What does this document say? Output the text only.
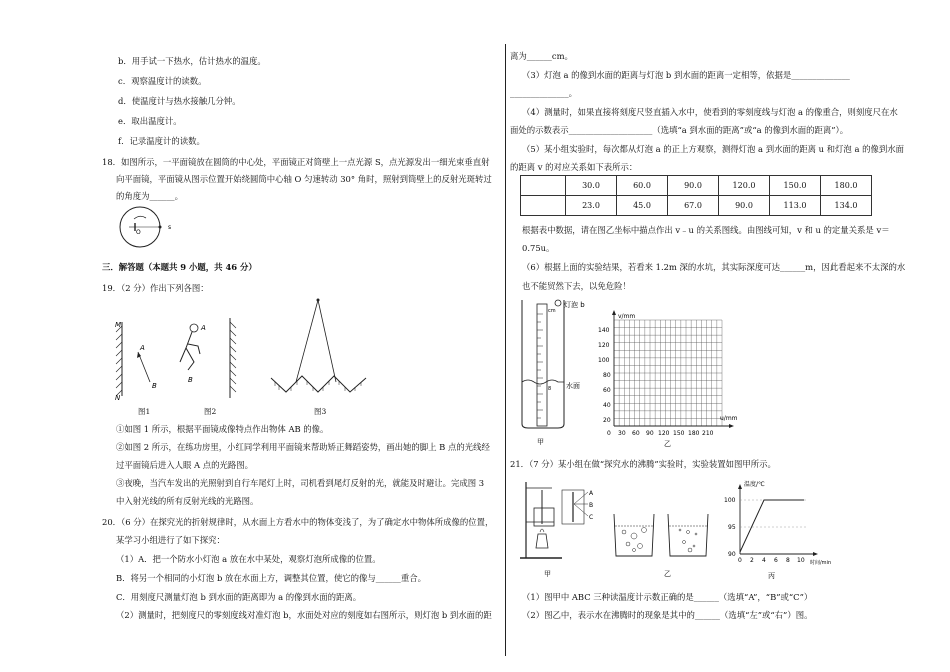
b．用手试一下热水，估计热水的温度。
c．观察温度计的读数。
d．使温度计与热水接触几分钟。
e．取出温度计。
f．记录温度计的读数。
18．如图所示，一平面镜放在圆筒的中心处，平面镜正对筒壁上一点光源 S，点光源发出一细光束垂直射
向平面镜，平面镜从图示位置开始绕圆筒中心轴 O 匀速转动 30° 角时，照射到筒壁上的反射光斑转过
的角度为______。
O
s
三．解答题（本题共 9 小题，共 46 分）
19．（2 分）作出下列各图：
M
N
A
B
A
B
图1	图2	图3
①如图 1 所示，根据平面镜成像特点作出物体 AB 的像。
②如图 2 所示，在练功房里，小红同学利用平面镜来帮助矫正舞蹈姿势，画出她的脚上 B 点的光线经
过平面镜后进入人眼 A 点的光路图。
③夜晚，当汽车发出的光照射到自行车尾灯上时，司机看到尾灯反射的光，就能及时避让。完成图 3
中入射光线的所有反射光线的光路图。
20．（6 分）在探究光的折射规律时，从水面上方看水中的物体变浅了，为了确定水中物体所成像的位置，
某学习小组进行了如下探究：
（1）A．把一个防水小灯泡 a 放在水中某处，观察灯泡所成像的位置。
B．将另一个相同的小灯泡 b 放在水面上方，调整其位置，使它的像与______重合。
C．用刻度尺测量灯泡 b 到水面的距离即为 a 的像到水面的距离。
（2）测量时，把刻度尺的零刻度线对准灯泡 b，水面处对应的刻度如右图所示，则灯泡 b 到水面的距
离为______cm。
（3）灯泡 a 的像到水面的距离与灯泡 b 到水面的距离一定相等，依据是______________
______________。
（4）测量时，如果直接将刻度尺竖直插入水中，使看到的零刻度线与灯泡 a 的像重合，则刻度尺在水
面处的示数表示____________________（选填“a 到水面的距离”或“a 的像到水面的距离”）。
（5）某小组实验时，每次都从灯泡 a 的正上方观察，测得灯泡 a 到水面的距离 u 和灯泡 a 的像到水面
的距离 v 的对应关系如下表所示：
	30.0	60.0	90.0	120.0	150.0	180.0
	23.0	45.0	67.0	90.0	113.0	134.0
根据表中数据，请在图乙坐标中描点作出 v﹣u 的关系图线。由图线可知，v 和 u 的定量关系是 v＝
0.75u。
（6）根据上面的实验结果，若看来 1.2m 深的水坑，其实际深度可达______m，因此看起来不太深的水
也不能贸然下去，以免危险！
灯泡 b
水面
8
cm
甲
v/mm
u/mm
140
120
100
80
60
40
20
0 30 60 90 120 150 180 210
乙
21．（7 分）某小组在做“探究水的沸腾”实验时，实验装置如图甲所示。
A
B
C
甲	乙
温度/℃
时间/min
100
95
90
0 2 4 6 8 10
丙
（1）图甲中 ABC 三种读温度计示数正确的是______（选填“A”，“B”或“C”）
（2）图乙中，表示水在沸腾时的现象是其中的______（选填“左”或“右”）图。
